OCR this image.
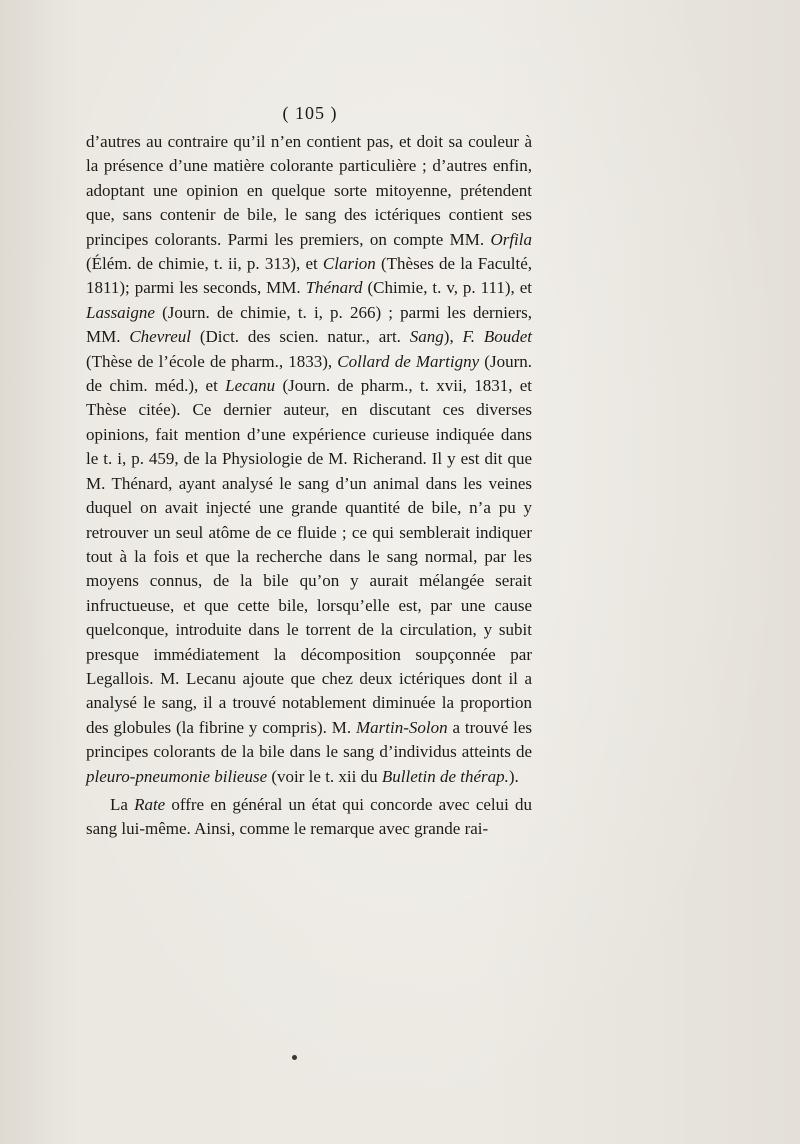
( 105 )

d’autres au contraire qu’il n’en contient pas, et doit sa couleur à la présence d’une matière colorante particulière ; d’autres enfin, adoptant une opinion en quelque sorte mitoyenne, prétendent que, sans contenir de bile, le sang des ictériques contient ses principes colorants. Parmi les premiers, on compte MM. Orfila (Élém. de chimie, t. ii, p. 313), et Clarion (Thèses de la Faculté, 1811); parmi les seconds, MM. Thénard (Chimie, t. v, p. 111), et Lassaigne (Journ. de chimie, t. i, p. 266) ; parmi les derniers, MM. Chevreul (Dict. des scien. natur., art. Sang), F. Boudet (Thèse de l’école de pharm., 1833), Collard de Martigny (Journ. de chim. méd.), et Lecanu (Journ. de pharm., t. xvii, 1831, et Thèse citée). Ce dernier auteur, en discutant ces diverses opinions, fait mention d’une expérience curieuse indiquée dans le t. i, p. 459, de la Physiologie de M. Richerand. Il y est dit que M. Thénard, ayant analysé le sang d’un animal dans les veines duquel on avait injecté une grande quantité de bile, n’a pu y retrouver un seul atôme de ce fluide ; ce qui semblerait indiquer tout à la fois et que la recherche dans le sang normal, par les moyens connus, de la bile qu’on y aurait mélangée serait infructueuse, et que cette bile, lorsqu’elle est, par une cause quelconque, introduite dans le torrent de la circulation, y subit presque immédiatement la décomposition soupçonnée par Legallois. M. Lecanu ajoute que chez deux ictériques dont il a analysé le sang, il a trouvé notablement diminuée la proportion des globules (la fibrine y compris). M. Martin-Solon a trouvé les principes colorants de la bile dans le sang d’individus atteints de pleuro-pneumonie bilieuse (voir le t. xii du Bulletin de thérap.).

La Rate offre en général un état qui concorde avec celui du sang lui-même. Ainsi, comme le remarque avec grande rai-
